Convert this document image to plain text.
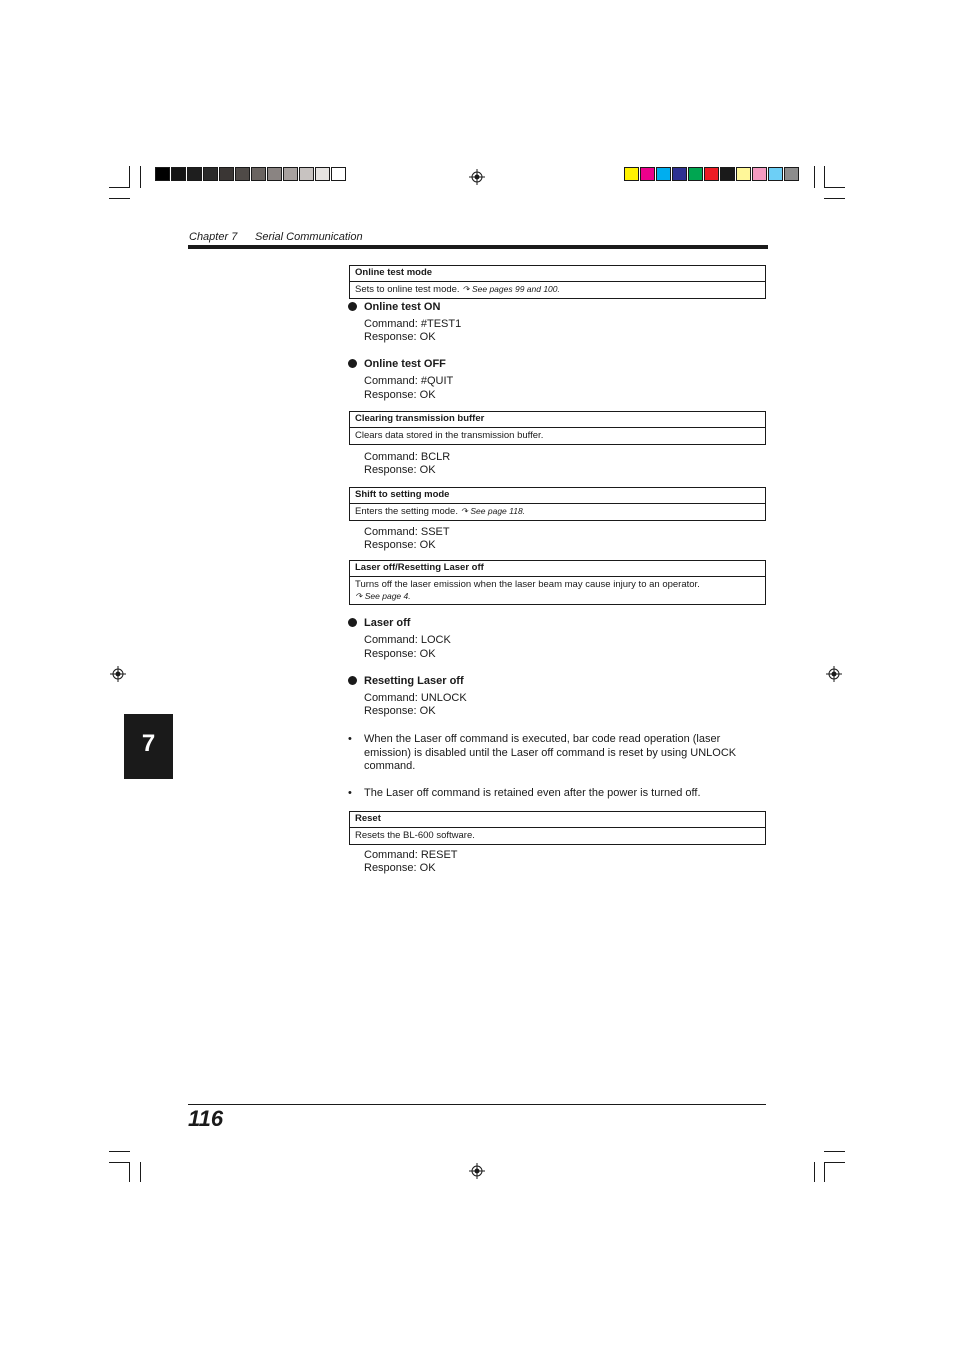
Chapter 7 Serial Communication
Online test mode
Sets to online test mode. ↷ See pages 99 and 100.
Online test ON
Command: #TEST1
Response: OK
Online test OFF
Command: #QUIT
Response: OK
Clearing transmission buffer
Clears data stored in the transmission buffer.
Command: BCLR
Response: OK
Shift to setting mode
Enters the setting mode. ↷ See page 118.
Command: SSET
Response: OK
Laser off/Resetting Laser off
Turns off the laser emission when the laser beam may cause injury to an operator.
↷ See page 4.
Laser off
Command: LOCK
Response: OK
Resetting Laser off
Command: UNLOCK
Response: OK
• When the Laser off command is executed, bar code read operation (laser emission) is disabled until the Laser off command is reset by using UNLOCK command.
• The Laser off command is retained even after the power is turned off.
Reset
Resets the BL-600 software.
Command: RESET
Response: OK
7
116
